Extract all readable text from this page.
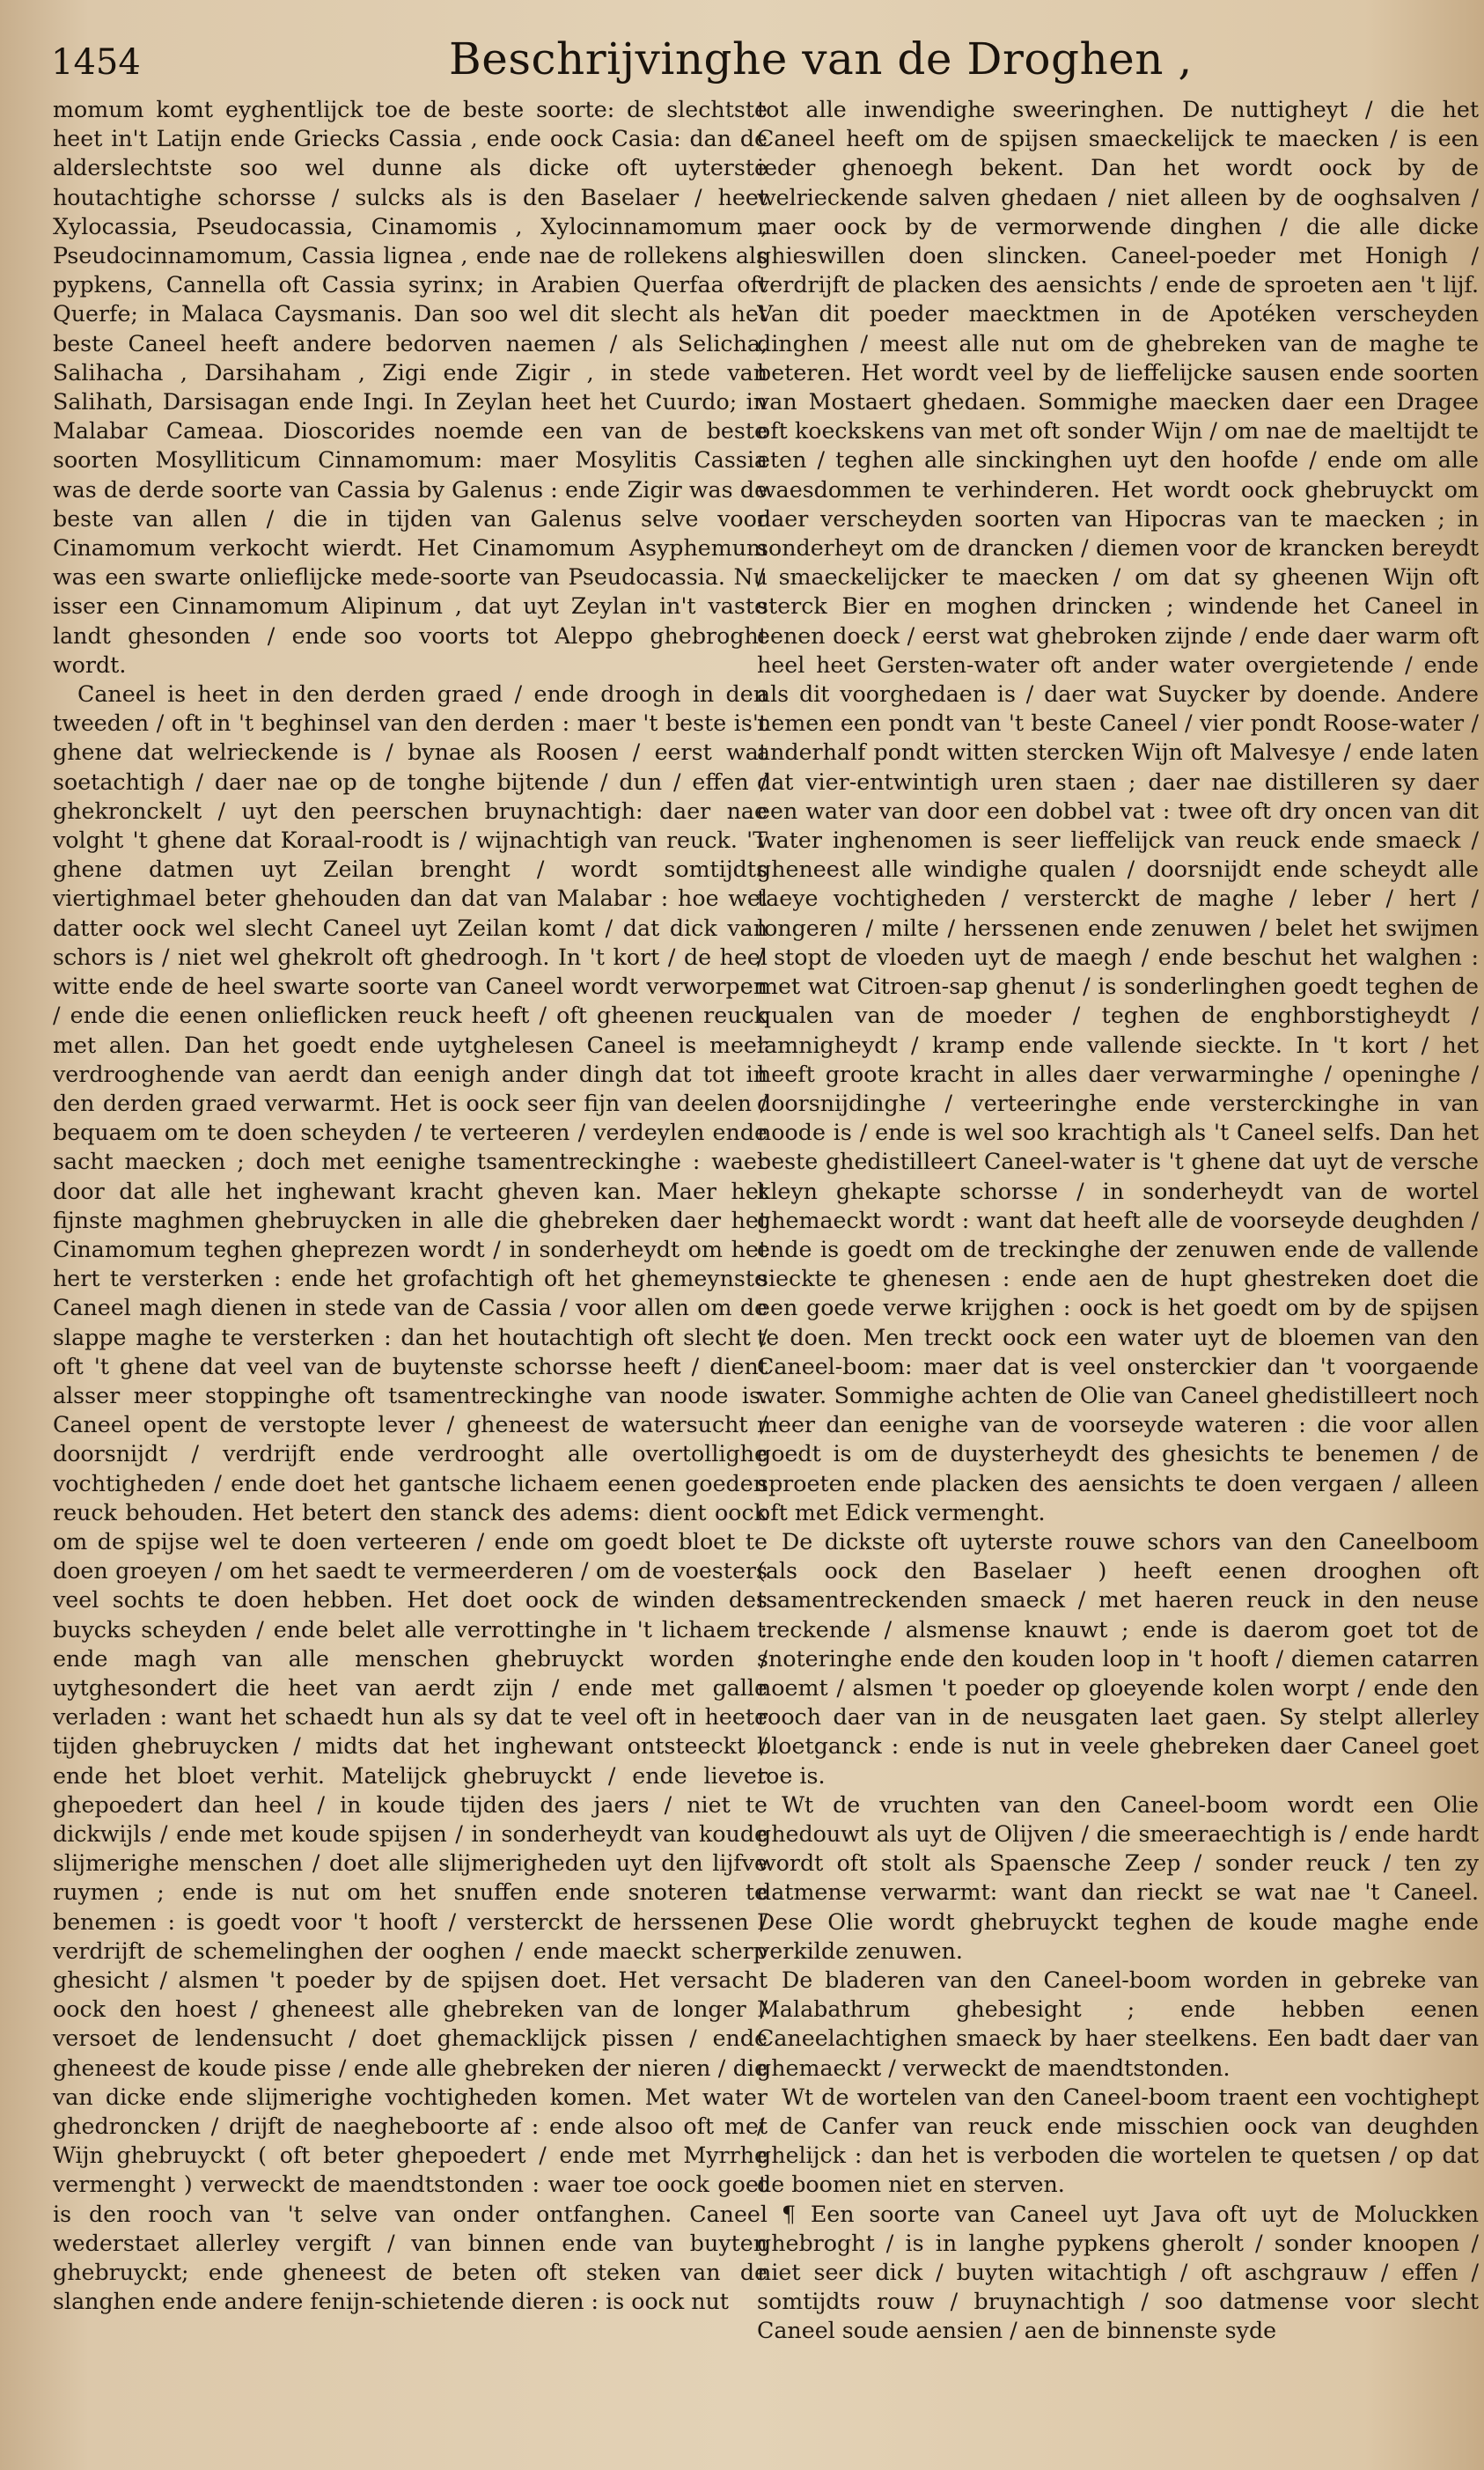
1454	Beschrijvinghe van de Droghen ,

momum komt eyghentlijck toe de beste soorte: de slechtste heet in't Latijn ende Griecks Cassia , ende oock Casia: dan de alderslechtste soo wel dunne als dicke oft uyterste houtachtighe schorsse / sulcks als is den Baselaer / heet Xylocassia, Pseudocassia, Cinamomis , Xylocinnamomum , Pseudocinnamomum, Cassia lignea , ende nae de rollekens als pypkens, Cannella oft Cassia syrinx; in Arabien Querfaa oft Querfe; in Malaca Caysmanis. Dan soo wel dit slecht als het beste Caneel heeft andere bedorven naemen / als Selicha, Salihacha , Darsihaham , Zigi ende Zigir , in stede van Salihath, Darsisagan ende Ingi. In Zeylan heet het Cuurdo; in Malabar Cameaa. Dioscorides noemde een van de beste soorten Mosylliticum Cinnamomum: maer Mosylitis Cassia was de derde soorte van Cassia by Galenus : ende Zigir was de beste van allen / die in tijden van Galenus selve voor Cinamomum verkocht wierdt. Het Cinamomum Asyphemum was een swarte onlieflijcke mede-soorte van Pseudocassia. Nu isser een Cinnamomum Alipinum , dat uyt Zeylan in't vaste landt ghesonden / ende soo voorts tot Aleppo ghebroght wordt.

Caneel is heet in den derden graed / ende droogh in den tweeden / oft in 't beghinsel van den derden : maer 't beste is't ghene dat welrieckende is / bynae als Roosen / eerst wat soetachtigh / daer nae op de tonghe bijtende / dun / effen / ghekronckelt / uyt den peerschen bruynachtigh: daer nae volght 't ghene dat Koraal-roodt is / wijnachtigh van reuck. 'T ghene datmen uyt Zeilan brenght / wordt somtijdts viertighmael beter ghehouden dan dat van Malabar : hoe wel datter oock wel slecht Caneel uyt Zeilan komt / dat dick van schors is / niet wel ghekrolt oft ghedroogh. In 't kort / de heel witte ende de heel swarte soorte van Caneel wordt verworpen / ende die eenen onlieflicken reuck heeft / oft gheenen reuck met allen. Dan het goedt ende uytghelesen Caneel is meer verdrooghende van aerdt dan eenigh ander dingh dat tot in den derden graed verwarmt. Het is oock seer fijn van deelen / bequaem om te doen scheyden / te verteeren / verdeylen ende sacht maecken ; doch met eenighe tsamentreckinghe : waer door dat alle het inghewant kracht gheven kan. Maer het fijnste maghmen ghebruycken in alle die ghebreken daer het Cinamomum teghen gheprezen wordt / in sonderheydt om het hert te versterken : ende het grofachtigh oft het ghemeynste Caneel magh dienen in stede van de Cassia / voor allen om de slappe maghe te versterken : dan het houtachtigh oft slecht / oft 't ghene dat veel van de buytenste schorsse heeft / dient alsser meer stoppinghe oft tsamentreckinghe van noode is. Caneel opent de verstopte lever / gheneest de watersucht / doorsnijdt / verdrijft ende verdrooght alle overtollighe vochtigheden / ende doet het gantsche lichaem eenen goeden reuck behouden. Het betert den stanck des adems: dient oock om de spijse wel te doen verteeren / ende om goedt bloet te doen groeyen / om het saedt te vermeerderen / om de voesters veel sochts te doen hebben. Het doet oock de winden des buycks scheyden / ende belet alle verrottinghe in 't lichaem : ende magh van alle menschen ghebruyckt worden / uytghesondert die heet van aerdt zijn / ende met galle verladen : want het schaedt hun als sy dat te veel oft in heete tijden ghebruycken / midts dat het inghewant ontsteeckt / ende het bloet verhit. Matelijck ghebruyckt / ende liever ghepoedert dan heel / in koude tijden des jaers / niet te dickwijls / ende met koude spijsen / in sonderheydt van koude slijmerighe menschen / doet alle slijmerigheden uyt den lijfve ruymen ; ende is nut om het snuffen ende snoteren te benemen : is goedt voor 't hooft / versterckt de herssenen / verdrijft de schemelinghen der ooghen / ende maeckt scherp ghesicht / alsmen 't poeder by de spijsen doet. Het versacht oock den hoest / gheneest alle ghebreken van de longer / versoet de lendensucht / doet ghemacklijck pissen / ende gheneest de koude pisse / ende alle ghebreken der nieren / die van dicke ende slijmerighe vochtigheden komen. Met water ghedroncken / drijft de naegheboorte af : ende alsoo oft met Wijn ghebruyckt ( oft beter ghepoedert / ende met Myrrhe vermenght ) verweckt de maendtstonden : waer toe oock goet is den rooch van 't selve van onder ontfanghen. Caneel wederstaet allerley vergift / van binnen ende van buyten ghebruyckt; ende gheneest de beten oft steken van de slanghen ende andere fenijn-schietende dieren : is oock nut

tot alle inwendighe sweeringhen. De nuttigheyt / die het Caneel heeft om de spijsen smaeckelijck te maecken / is een ieder ghenoegh bekent. Dan het wordt oock by de welrieckende salven ghedaen / niet alleen by de ooghsalven / maer oock by de vermorwende dinghen / die alle dicke ghieswillen doen slincken. Caneel-poeder met Honigh / verdrijft de placken des aensichts / ende de sproeten aen 't lijf. Van dit poeder maecktmen in de Apotéken verscheyden dinghen / meest alle nut om de ghebreken van de maghe te beteren. Het wordt veel by de lieffelijcke sausen ende soorten van Mostaert ghedaen. Sommighe maecken daer een Dragee oft koeckskens van met oft sonder Wijn / om nae de maeltijdt te eten / teghen alle sinckinghen uyt den hoofde / ende om alle waesdommen te verhinderen. Het wordt oock ghebruyckt om daer verscheyden soorten van Hipocras van te maecken ; in sonderheyt om de drancken / diemen voor de krancken bereydt / smaeckelijcker te maecken / om dat sy gheenen Wijn oft sterck Bier en moghen drincken ; windende het Caneel in eenen doeck / eerst wat ghebroken zijnde / ende daer warm oft heel heet Gersten-water oft ander water overgietende / ende als dit voorghedaen is / daer wat Suycker by doende. Andere nemen een pondt van 't beste Caneel / vier pondt Roose-water / anderhalf pondt witten stercken Wijn oft Malvesye / ende laten dat vier-entwintigh uren staen ; daer nae distilleren sy daer een water van door een dobbel vat : twee oft dry oncen van dit water inghenomen is seer lieffelijck van reuck ende smaeck / gheneest alle windighe qualen / doorsnijdt ende scheydt alle taeye vochtigheden / versterckt de maghe / leber / hert / longeren / milte / herssenen ende zenuwen / belet het swijmen / stopt de vloeden uyt de maegh / ende beschut het walghen : met wat Citroen-sap ghenut / is sonderlinghen goedt teghen de qualen van de moeder / teghen de enghborstigheydt / lamnigheydt / kramp ende vallende sieckte. In 't kort / het heeft groote kracht in alles daer verwarminghe / openinghe / doorsnijdinghe / verteeringhe ende versterckinghe in van noode is / ende is wel soo krachtigh als 't Caneel selfs. Dan het beste ghedistilleert Caneel-water is 't ghene dat uyt de versche kleyn ghekapte schorsse / in sonderheydt van de wortel ghemaeckt wordt : want dat heeft alle de voorseyde deughden / ende is goedt om de treckinghe der zenuwen ende de vallende sieckte te ghenesen : ende aen de hupt ghestreken doet die een goede verwe krijghen : oock is het goedt om by de spijsen te doen. Men treckt oock een water uyt de bloemen van den Caneel-boom: maer dat is veel onsterckier dan 't voorgaende water. Sommighe achten de Olie van Caneel ghedistilleert noch meer dan eenighe van de voorseyde wateren : die voor allen goedt is om de duysterheydt des ghesichts te benemen / de sproeten ende placken des aensichts te doen vergaen / alleen oft met Edick vermenght.

De dickste oft uyterste rouwe schors van den Caneelboom (als oock den Baselaer ) heeft eenen drooghen oft tsamentreckenden smaeck / met haeren reuck in den neuse treckende / alsmense knauwt ; ende is daerom goet tot de snoteringhe ende den kouden loop in 't hooft / diemen catarren noemt / alsmen 't poeder op gloeyende kolen worpt / ende den rooch daer van in de neusgaten laet gaen. Sy stelpt allerley bloetganck : ende is nut in veele ghebreken daer Caneel goet toe is.

Wt de vruchten van den Caneel-boom wordt een Olie ghedouwt als uyt de Olijven / die smeeraechtigh is / ende hardt wordt oft stolt als Spaensche Zeep / sonder reuck / ten zy datmense verwarmt: want dan rieckt se wat nae 't Caneel. Dese Olie wordt ghebruyckt teghen de koude maghe ende verkilde zenuwen.

De bladeren van den Caneel-boom worden in gebreke van Malabathrum ghebesight ; ende hebben eenen Caneelachtighen smaeck by haer steelkens. Een badt daer van ghemaeckt / verweckt de maendtstonden.

Wt de wortelen van den Caneel-boom traent een vochtighept / de Canfer van reuck ende misschien oock van deughden ghelijck : dan het is verboden die wortelen te quetsen / op dat de boomen niet en sterven.

¶ Een soorte van Caneel uyt Java oft uyt de Moluckken ghebroght / is in langhe pypkens gherolt / sonder knoopen / niet seer dick / buyten witachtigh / oft aschgrauw / effen / somtijdts rouw / bruynachtigh / soo datmense voor slecht Caneel soude aensien / aen de binnenste syde
